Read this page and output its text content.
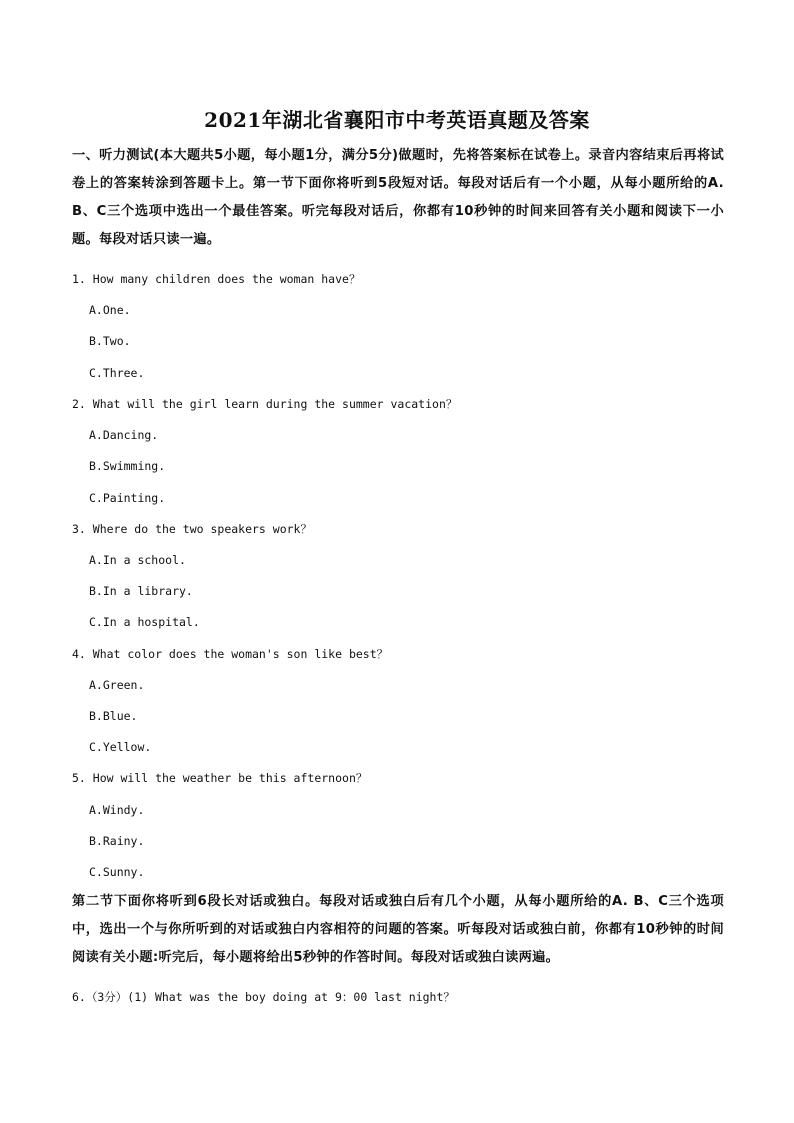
2021年湖北省襄阳市中考英语真题及答案
一、听力测试(本大题共5小题，每小题1分，满分5分)做题时，先将答案标在试卷上。录音内容结束后再将试卷上的答案转涂到答题卡上。第一节下面你将听到5段短对话。每段对话后有一个小题，从每小题所给的A. B、C三个选项中选出一个最佳答案。听完每段对话后，你都有10秒钟的时间来回答有关小题和阅读下一小题。每段对话只读一遍。
1. How many children does the woman have？
A.One.
B.Two.
C.Three.
2. What will the girl learn during the summer vacation？
A.Dancing.
B.Swimming.
C.Painting.
3. Where do the two speakers work？
A.In a school.
B.In a library.
C.In a hospital.
4. What color does the woman's son like best？
A.Green.
B.Blue.
C.Yellow.
5. How will the weather be this afternoon？
A.Windy.
B.Rainy.
C.Sunny.
第二节下面你将听到6段长对话或独白。每段对话或独白后有几个小题，从每小题所给的A. B、C三个选项中，选出一个与你所听到的对话或独白内容相符的问题的答案。听每段对话或独白前，你都有10秒钟的时间阅读有关小题:听完后，每小题将给出5秒钟的作答时间。每段对话或独白读两遍。
6.（3分）(1) What was the boy doing at 9：00 last night？
